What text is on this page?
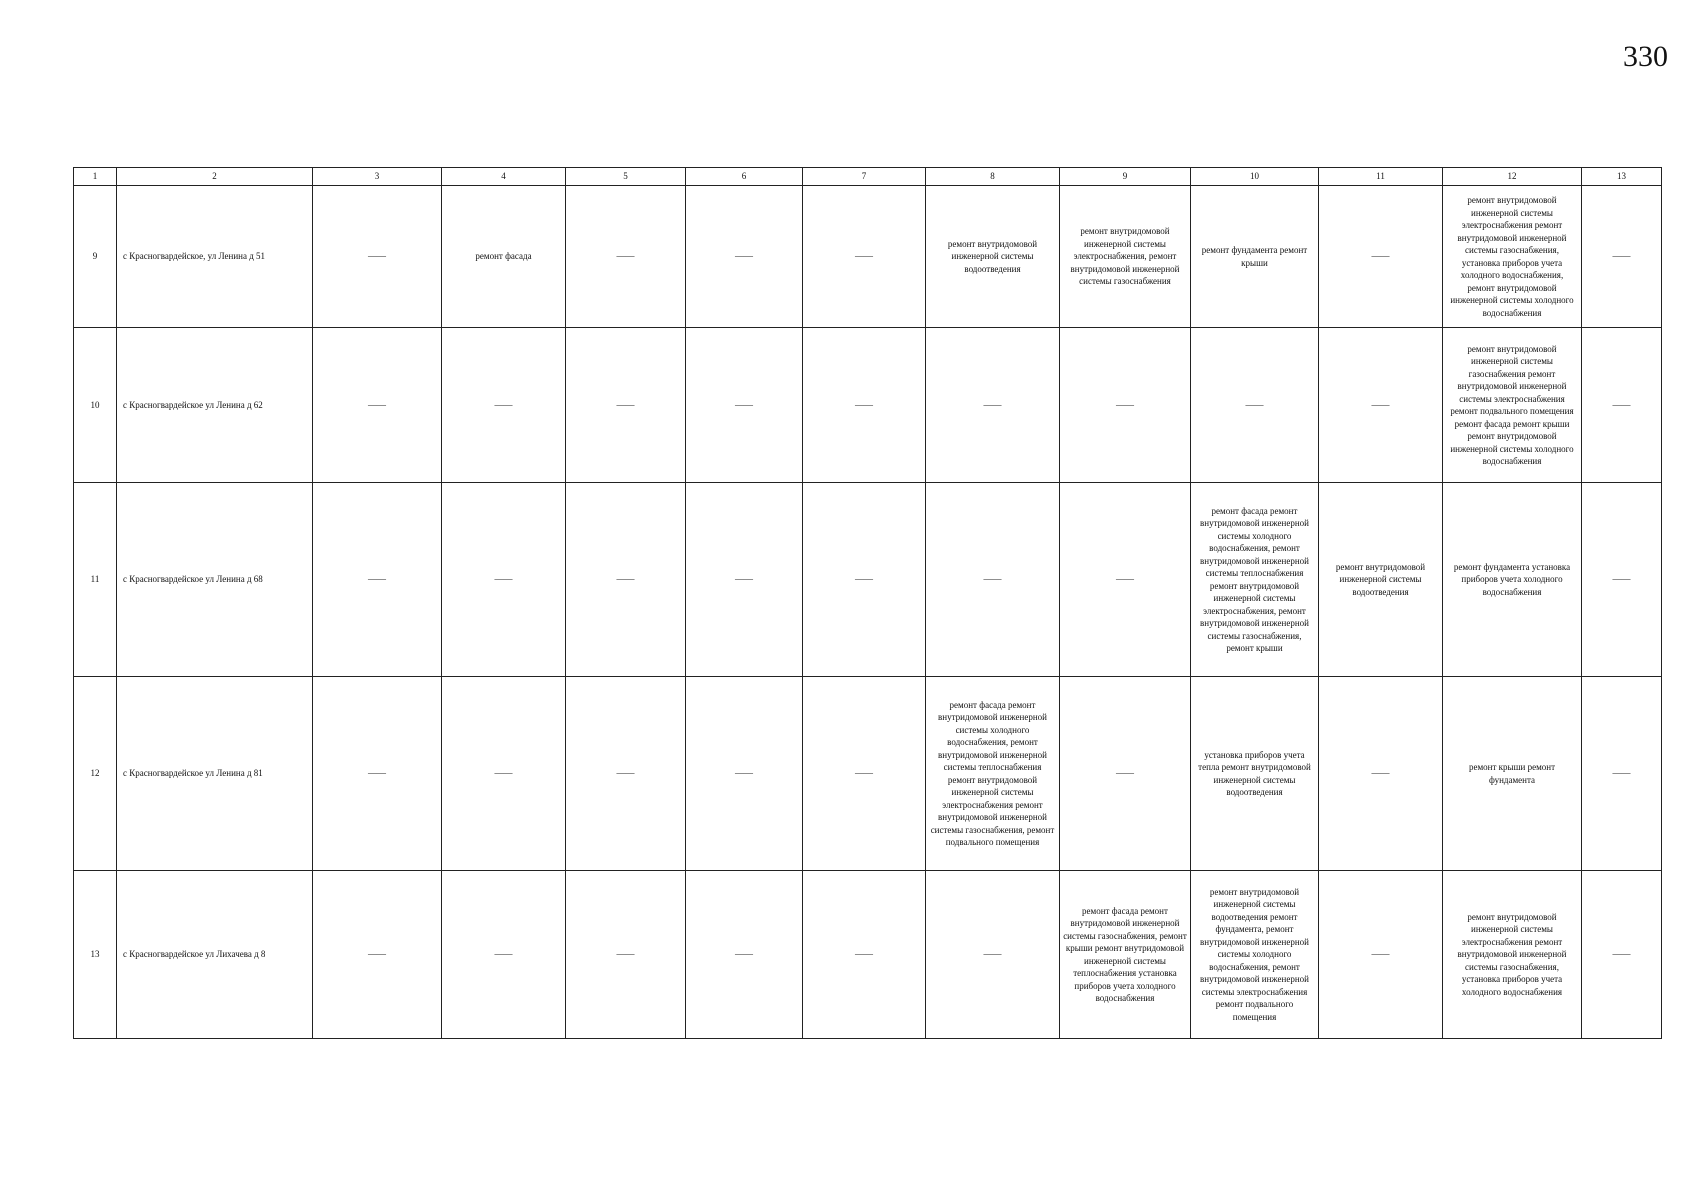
330
1	2	3	4	5	6	7	8	9	10	11	12	13

9	с Красногвардейское, ул Ленина д 51	——	ремонт фасада	——	——	——	ремонт внутридомовой инженерной системы водоотведения	ремонт внутридомовой инженерной системы электроснабжения, ремонт внутридомовой инженерной системы газоснабжения	ремонт фундамента ремонт крыши	——	ремонт внутридомовой инженерной системы электроснабжения ремонт внутридомовой инженерной системы газоснабжения, установка приборов учета холодного водоснабжения, ремонт внутридомовой инженерной системы холодного водоснабжения	——

10	с Красногвардейское ул Ленина д 62	——	——	——	——	——	——	——	——	——	ремонт внутридомовой инженерной системы газоснабжения ремонт внутридомовой инженерной системы электроснабжения ремонт подвального помещения ремонт фасада ремонт крыши ремонт внутридомовой инженерной системы холодного водоснабжения	——

11	с Красногвардейское ул Ленина д 68	——	——	——	——	——	——	——	ремонт фасада ремонт внутридомовой инженерной системы холодного водоснабжения, ремонт внутридомовой инженерной системы теплоснабжения ремонт внутридомовой инженерной системы электроснабжения, ремонт внутридомовой инженерной системы газоснабжения, ремонт крыши	ремонт внутридомовой инженерной системы водоотведения	ремонт фундамента установка приборов учета холодного водоснабжения	——

12	с Красногвардейское ул Ленина д 81	——	——	——	——	——	ремонт фасада ремонт внутридомовой инженерной системы холодного водоснабжения, ремонт внутридомовой инженерной системы теплоснабжения ремонт внутридомовой инженерной системы электроснабжения ремонт внутридомовой инженерной системы газоснабжения, ремонт подвального помещения	——	установка приборов учета тепла ремонт внутридомовой инженерной системы водоотведения	——	ремонт крыши ремонт фундамента	——

13	с Красногвардейское ул Лихачева д 8	——	——	——	——	——	——	ремонт фасада ремонт внутридомовой инженерной системы газоснабжения, ремонт крыши ремонт внутридомовой инженерной системы теплоснабжения установка приборов учета холодного водоснабжения	ремонт внутридомовой инженерной системы водоотведения ремонт фундамента, ремонт внутридомовой инженерной системы холодного водоснабжения, ремонт внутридомовой инженерной системы электроснабжения ремонт подвального помещения	——	ремонт внутридомовой инженерной системы электроснабжения ремонт внутридомовой инженерной системы газоснабжения, установка приборов учета холодного водоснабжения	——
